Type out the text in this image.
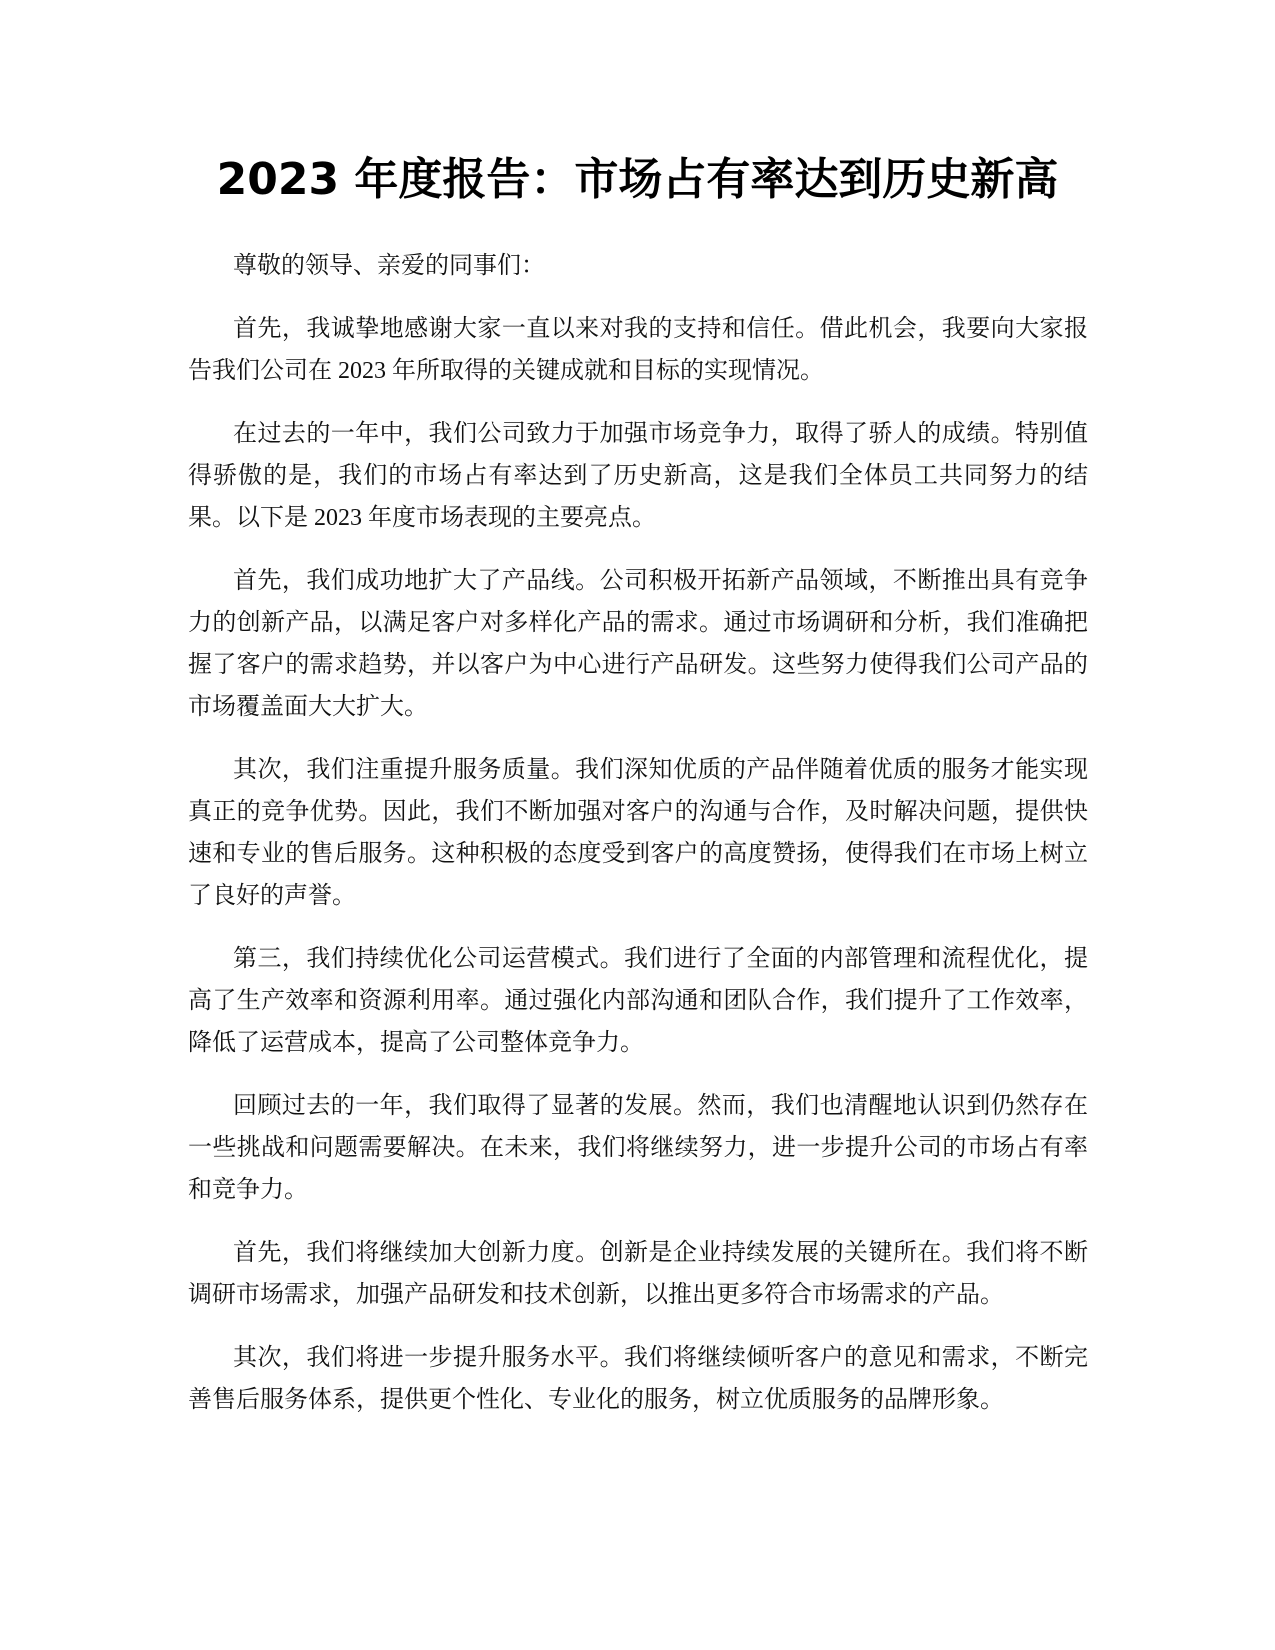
2023 年度报告：市场占有率达到历史新高

尊敬的领导、亲爱的同事们：

首先，我诚挚地感谢大家一直以来对我的支持和信任。借此机会，我要向大家报告我们公司在 2023 年所取得的关键成就和目标的实现情况。

在过去的一年中，我们公司致力于加强市场竞争力，取得了骄人的成绩。特别值得骄傲的是，我们的市场占有率达到了历史新高，这是我们全体员工共同努力的结果。以下是 2023 年度市场表现的主要亮点。

首先，我们成功地扩大了产品线。公司积极开拓新产品领域，不断推出具有竞争力的创新产品，以满足客户对多样化产品的需求。通过市场调研和分析，我们准确把握了客户的需求趋势，并以客户为中心进行产品研发。这些努力使得我们公司产品的市场覆盖面大大扩大。

其次，我们注重提升服务质量。我们深知优质的产品伴随着优质的服务才能实现真正的竞争优势。因此，我们不断加强对客户的沟通与合作，及时解决问题，提供快速和专业的售后服务。这种积极的态度受到客户的高度赞扬，使得我们在市场上树立了良好的声誉。

第三，我们持续优化公司运营模式。我们进行了全面的内部管理和流程优化，提高了生产效率和资源利用率。通过强化内部沟通和团队合作，我们提升了工作效率，降低了运营成本，提高了公司整体竞争力。

回顾过去的一年，我们取得了显著的发展。然而，我们也清醒地认识到仍然存在一些挑战和问题需要解决。在未来，我们将继续努力，进一步提升公司的市场占有率和竞争力。

首先，我们将继续加大创新力度。创新是企业持续发展的关键所在。我们将不断调研市场需求，加强产品研发和技术创新，以推出更多符合市场需求的产品。

其次，我们将进一步提升服务水平。我们将继续倾听客户的意见和需求，不断完善售后服务体系，提供更个性化、专业化的服务，树立优质服务的品牌形象。
